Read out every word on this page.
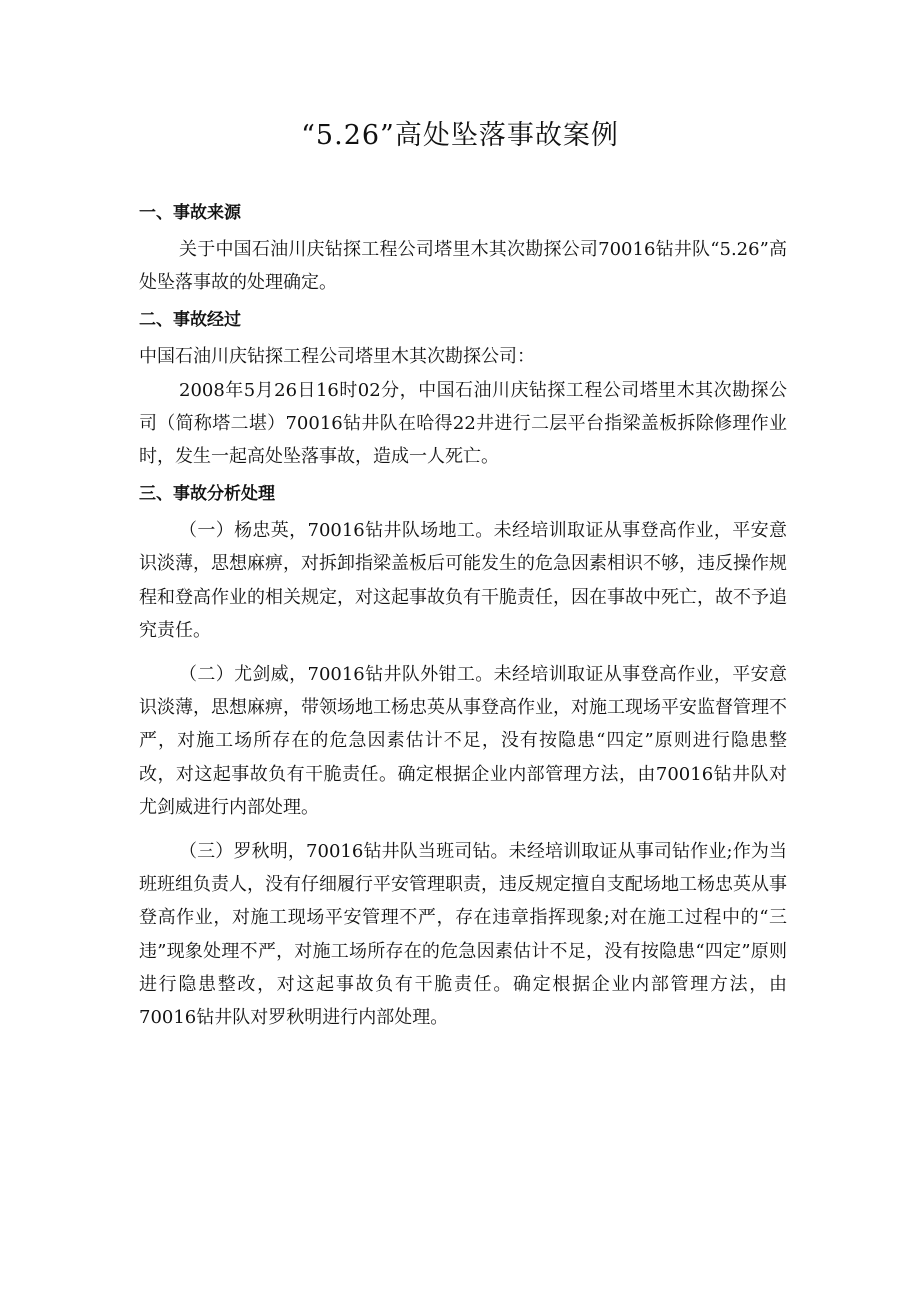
“5.26”高处坠落事故案例
一、事故来源

关于中国石油川庆钻探工程公司塔里木其次勘探公司70016钻井队“5.26”高处坠落事故的处理确定。

二、事故经过

中国石油川庆钻探工程公司塔里木其次勘探公司：

2008年5月26日16时02分，中国石油川庆钻探工程公司塔里木其次勘探公司（简称塔二堪）70016钻井队在哈得22井进行二层平台指梁盖板拆除修理作业时，发生一起高处坠落事故，造成一人死亡。

三、事故分析处理

（一）杨忠英，70016钻井队场地工。未经培训取证从事登高作业，平安意识淡薄，思想麻痹，对拆卸指梁盖板后可能发生的危急因素相识不够，违反操作规程和登高作业的相关规定，对这起事故负有干脆责任，因在事故中死亡，故不予追究责任。

（二）尤剑威，70016钻井队外钳工。未经培训取证从事登高作业，平安意识淡薄，思想麻痹，带领场地工杨忠英从事登高作业，对施工现场平安监督管理不严，对施工场所存在的危急因素估计不足，没有按隐患“四定”原则进行隐患整改，对这起事故负有干脆责任。确定根据企业内部管理方法，由70016钻井队对尤剑威进行内部处理。

（三）罗秋明，70016钻井队当班司钻。未经培训取证从事司钻作业;作为当班班组负责人，没有仔细履行平安管理职责，违反规定擅自支配场地工杨忠英从事登高作业，对施工现场平安管理不严，存在违章指挥现象;对在施工过程中的“三违”现象处理不严，对施工场所存在的危急因素估计不足，没有按隐患“四定”原则进行隐患整改，对这起事故负有干脆责任。确定根据企业内部管理方法，由70016钻井队对罗秋明进行内部处理。
